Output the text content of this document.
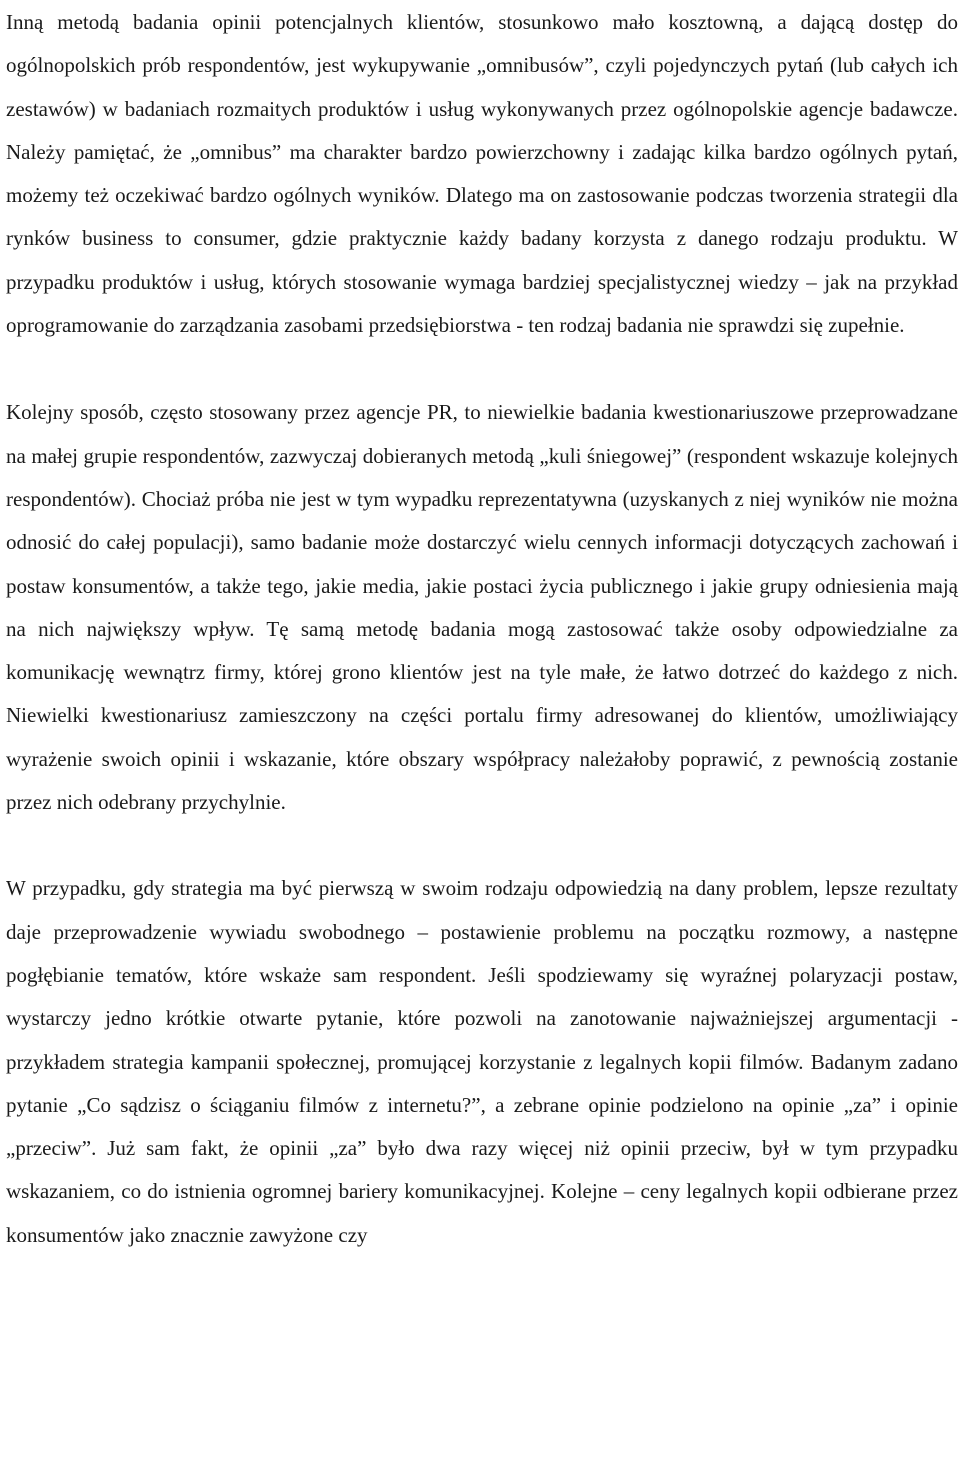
Inną metodą badania opinii potencjalnych klientów, stosunkowo mało kosztowną, a dającą dostęp do ogólnopolskich prób respondentów, jest wykupywanie „omnibusów”, czyli pojedynczych pytań (lub całych ich zestawów) w badaniach rozmaitych produktów i usług wykonywanych przez ogólnopolskie agencje badawcze. Należy pamiętać, że „omnibus” ma charakter bardzo powierzchowny i zadając kilka bardzo ogólnych pytań, możemy też oczekiwać bardzo ogólnych wyników. Dlatego ma on zastosowanie podczas tworzenia strategii dla rynków business to consumer, gdzie praktycznie każdy badany korzysta z danego rodzaju produktu. W przypadku produktów i usług, których stosowanie wymaga bardziej specjalistycznej wiedzy – jak na przykład oprogramowanie do zarządzania zasobami przedsiębiorstwa - ten rodzaj badania nie sprawdzi się zupełnie.

Kolejny sposób, często stosowany przez agencje PR, to niewielkie badania kwestionariuszowe przeprowadzane na małej grupie respondentów, zazwyczaj dobieranych metodą „kuli śniegowej” (respondent wskazuje kolejnych respondentów). Chociaż próba nie jest w tym wypadku reprezentatywna (uzyskanych z niej wyników nie można odnosić do całej populacji), samo badanie może dostarczyć wielu cennych informacji dotyczących zachowań i postaw konsumentów, a także tego, jakie media, jakie postaci życia publicznego i jakie grupy odniesienia mają na nich największy wpływ. Tę samą metodę badania mogą zastosować także osoby odpowiedzialne za komunikację wewnątrz firmy, której grono klientów jest na tyle małe, że łatwo dotrzeć do każdego z nich. Niewielki kwestionariusz zamieszczony na części portalu firmy adresowanej do klientów, umożliwiający wyrażenie swoich opinii i wskazanie, które obszary współpracy należałoby poprawić, z pewnością zostanie przez nich odebrany przychylnie.

W przypadku, gdy strategia ma być pierwszą w swoim rodzaju odpowiedzią na dany problem, lepsze rezultaty daje przeprowadzenie wywiadu swobodnego – postawienie problemu na początku rozmowy, a następne pogłębianie tematów, które wskaże sam respondent. Jeśli spodziewamy się wyraźnej polaryzacji postaw, wystarczy jedno krótkie otwarte pytanie, które pozwoli na zanotowanie najważniejszej argumentacji - przykładem strategia kampanii społecznej, promującej korzystanie z legalnych kopii filmów. Badanym zadano pytanie „Co sądzisz o ściąganiu filmów z internetu?”, a zebrane opinie podzielono na opinie „za” i opinie „przeciw”. Już sam fakt, że opinii „za” było dwa razy więcej niż opinii przeciw, był w tym przypadku wskazaniem, co do istnienia ogromnej bariery komunikacyjnej. Kolejne – ceny legalnych kopii odbierane przez konsumentów jako znacznie zawyżone czy
